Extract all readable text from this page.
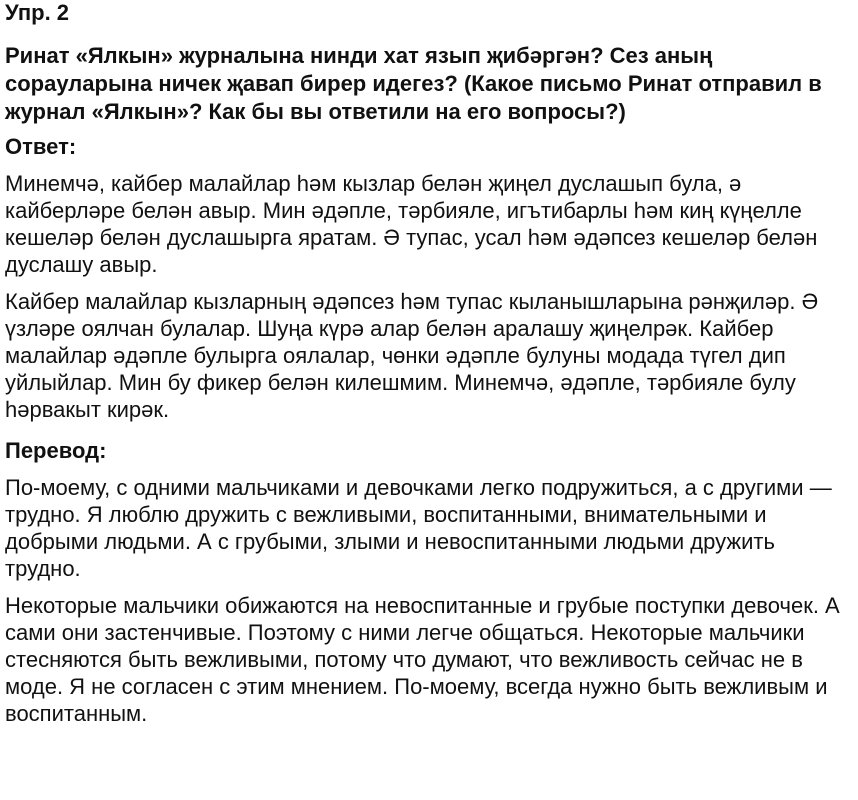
Упр. 2
Ринат «Ялкын» журналына нинди хат язып җибәргән? Сез аның сорауларына ничек җавап бирер идегез? (Какое письмо Ринат отправил в журнал «Ялкын»? Как бы вы ответили на его вопросы?)
Ответ:

Минемчә, кайбер малайлар һәм кызлар белән җиңел дуслашып була, ә кайберләре белән авыр. Мин әдәпле, тәрбияле, игътибарлы һәм киң күңелле кешеләр белән дуслашырга яратам. Ә тупас, усал һәм әдәпсез кешеләр белән дуслашу авыр.

Кайбер малайлар кызларның әдәпсез һәм тупас кыланышларына рәнҗиләр. Ә үзләре оялчан булалар. Шуңа күрә алар белән аралашу җиңелрәк. Кайбер малайлар әдәпле булырга оялалар, чөнки әдәпле булуны модада түгел дип уйлыйлар. Мин бу фикер белән килешмим. Минемчә, әдәпле, тәрбияле булу һәрвакыт кирәк.

Перевод:

По-моему, с одними мальчиками и девочками легко подружиться, а с другими — трудно. Я люблю дружить с вежливыми, воспитанными, внимательными и добрыми людьми. А с грубыми, злыми и невоспитанными людьми дружить трудно.

Некоторые мальчики обижаются на невоспитанные и грубые поступки девочек. А сами они застенчивые. Поэтому с ними легче общаться. Некоторые мальчики стесняются быть вежливыми, потому что думают, что вежливость сейчас не в моде. Я не согласен с этим мнением. По-моему, всегда нужно быть вежливым и воспитанным.
